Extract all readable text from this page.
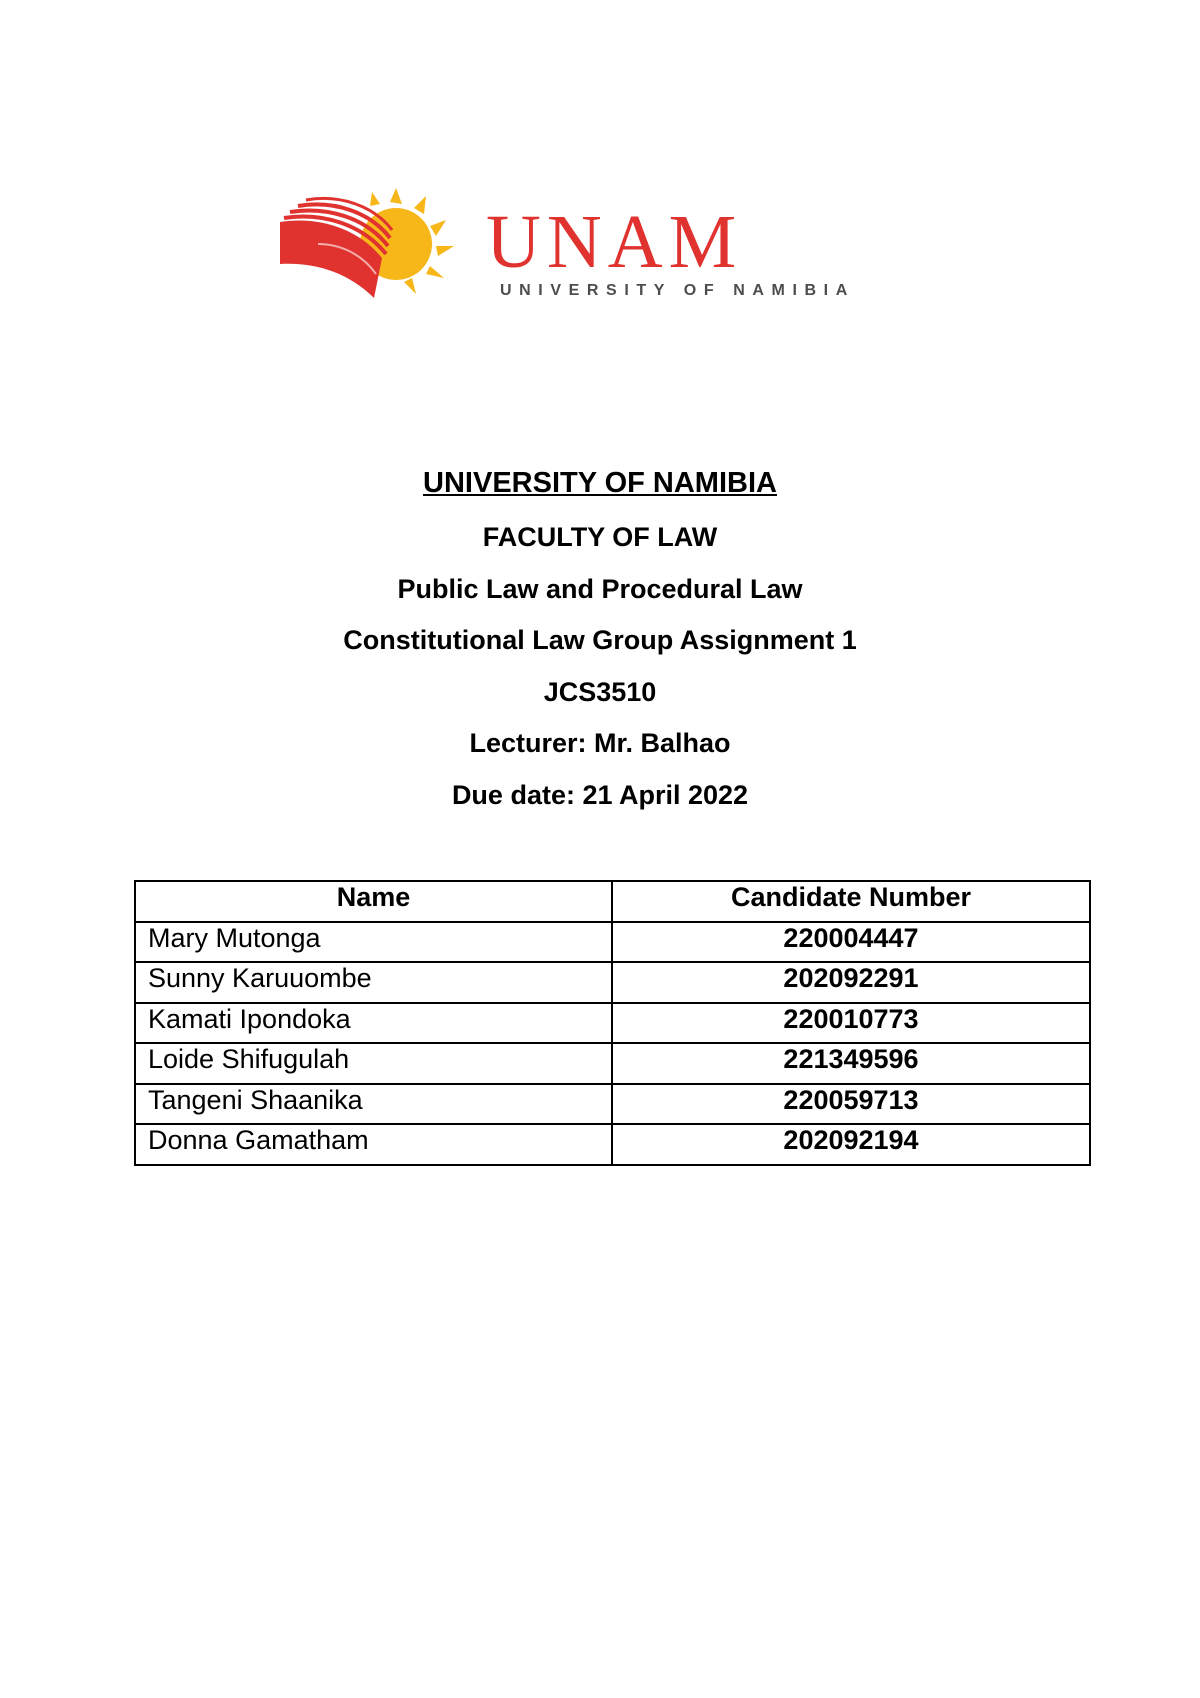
UNAM
UNIVERSITY OF NAMIBIA
UNIVERSITY OF NAMIBIA
FACULTY OF LAW
Public Law and Procedural Law
Constitutional Law Group Assignment 1
JCS3510
Lecturer: Mr. Balhao
Due date: 21 April 2022
Name	Candidate Number
Mary Mutonga	220004447
Sunny Karuuombe	202092291
Kamati Ipondoka	220010773
Loide Shifugulah	221349596
Tangeni Shaanika	220059713
Donna Gamatham	202092194
